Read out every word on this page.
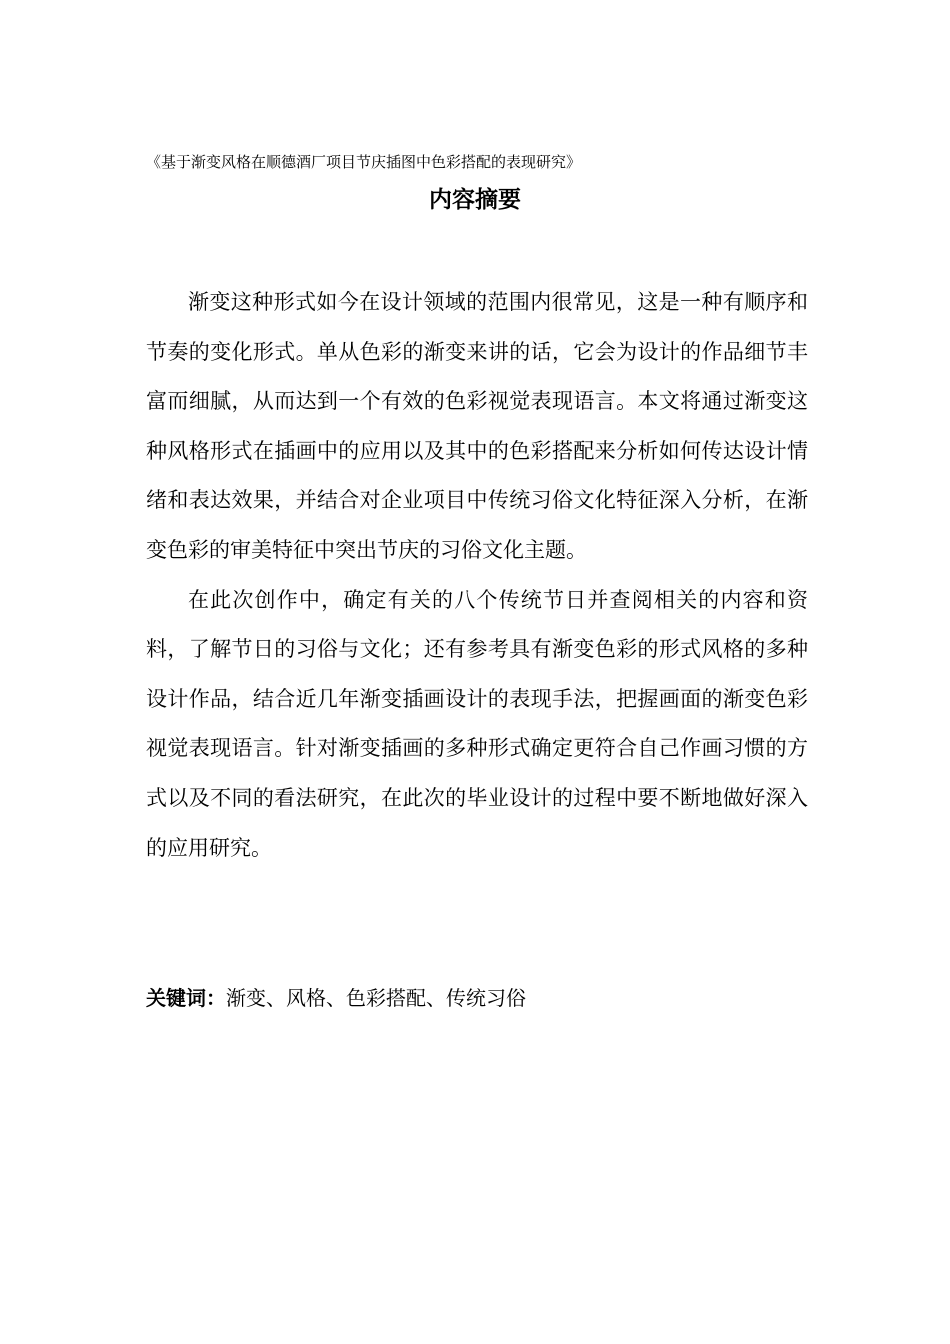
《基于渐变风格在顺德酒厂项目节庆插图中色彩搭配的表现研究》
内容摘要

渐变这种形式如今在设计领域的范围内很常见，这是一种有顺序和节奏的变化形式。单从色彩的渐变来讲的话，它会为设计的作品细节丰富而细腻，从而达到一个有效的色彩视觉表现语言。本文将通过渐变这种风格形式在插画中的应用以及其中的色彩搭配来分析如何传达设计情绪和表达效果，并结合对企业项目中传统习俗文化特征深入分析，在渐变色彩的审美特征中突出节庆的习俗文化主题。

在此次创作中，确定有关的八个传统节日并查阅相关的内容和资料，了解节日的习俗与文化；还有参考具有渐变色彩的形式风格的多种设计作品，结合近几年渐变插画设计的表现手法，把握画面的渐变色彩视觉表现语言。针对渐变插画的多种形式确定更符合自己作画习惯的方式以及不同的看法研究，在此次的毕业设计的过程中要不断地做好深入的应用研究。

关键词：渐变、风格、色彩搭配、传统习俗
